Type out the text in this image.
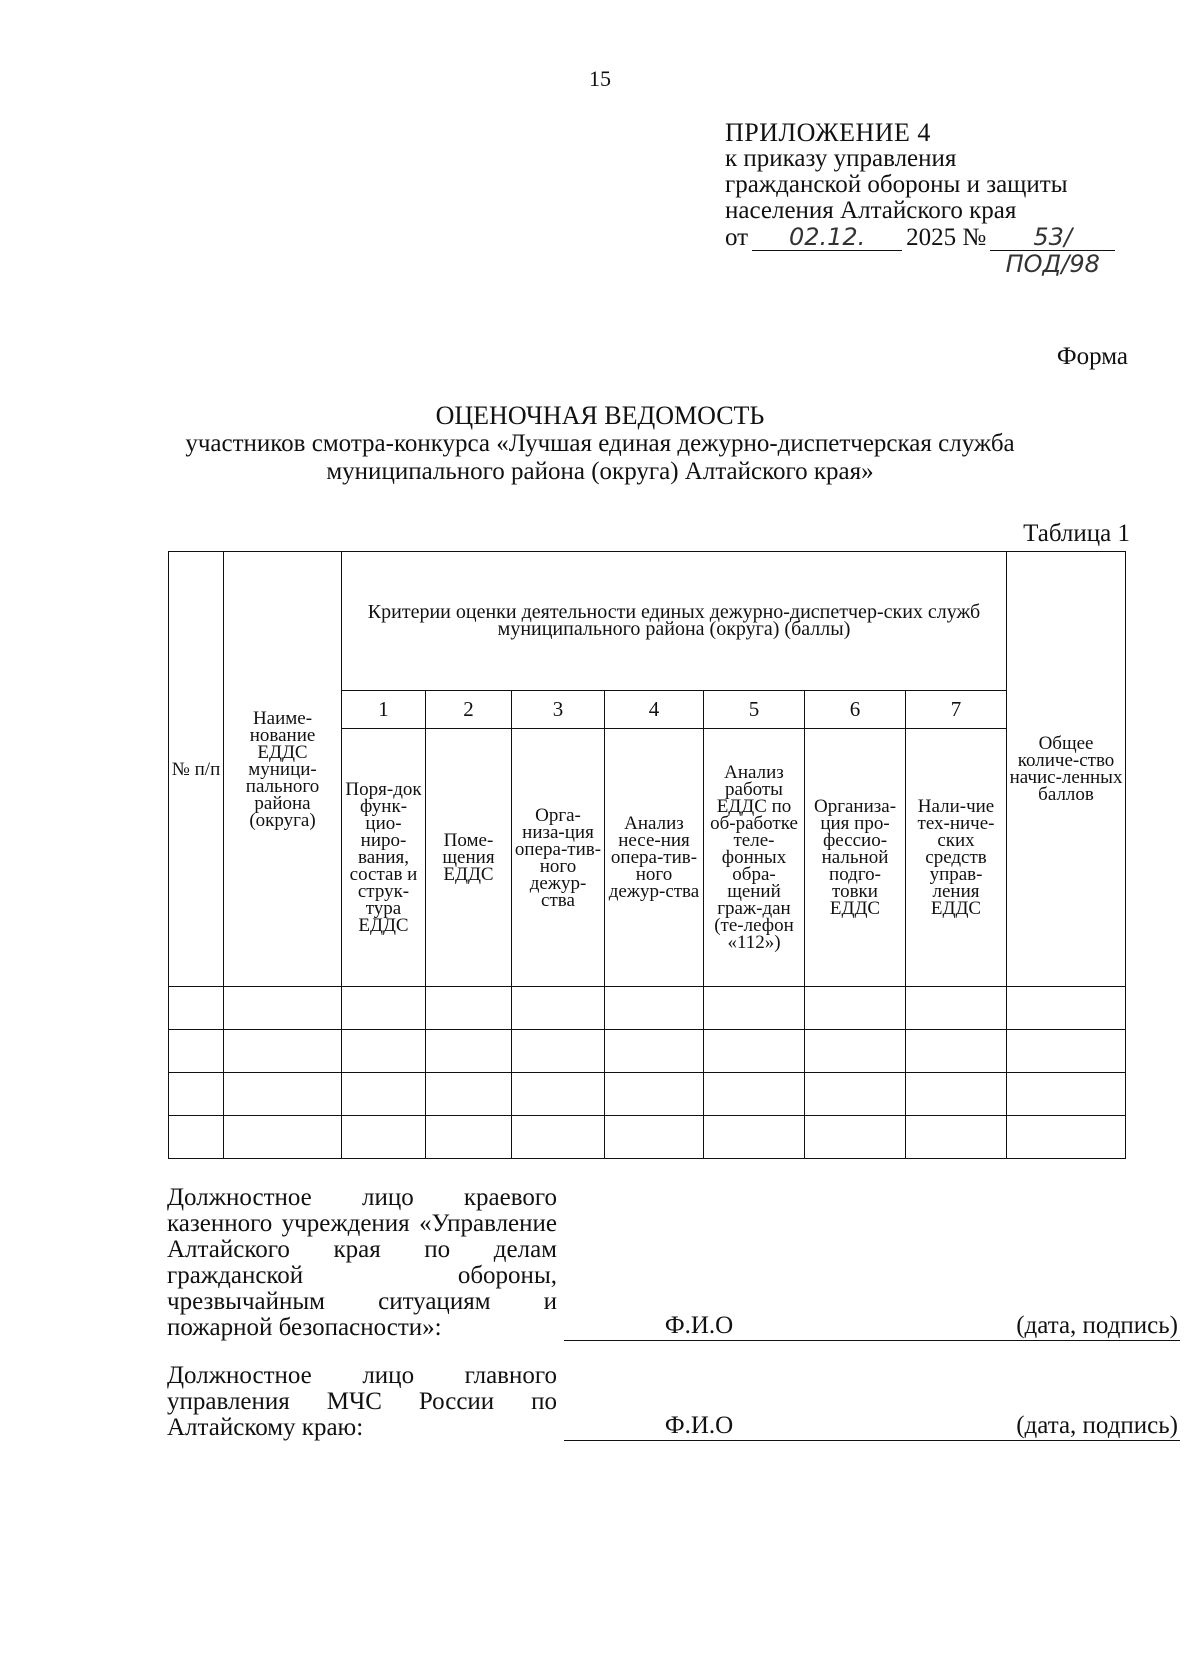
15
ПРИЛОЖЕНИЕ 4
к приказу управления
гражданской обороны и защиты
населения Алтайского края
от	02.12.	2025 №	53/ПОД/98
Форма
ОЦЕНОЧНАЯ ВЕДОМОСТЬ
участников смотра-конкурса «Лучшая единая дежурно-диспетчерская служба
муниципального района (округа) Алтайского края»
Таблица 1
№ п/п	Наиме-нование ЕДДС муници-пального района (округа)	Критерии оценки деятельности единых дежурно-диспетчер-ских служб муниципального района (округа) (баллы)							Общее количе-ство начис-ленных баллов
		1	2	3	4	5	6	7	
		Поря-док функ-цио-ниро-вания, состав и струк-тура ЕДДС	Поме-щения ЕДДС	Орга-низа-ция опера-тив-ного дежур-ства	Анализ несе-ния опера-тив-ного дежур-ства	Анализ работы ЕДДС по об-работке теле-фонных обра-щений граж-дан (те-лефон «112»)	Организа-ция про-фессио-нальной подго-товки ЕДДС	Нали-чие тех-ниче-ских средств управ-ления ЕДДС	

Должностное лицо краевого казенного учреждения «Управление Алтайского края по делам гражданской обороны, чрезвычайным ситуациям и пожарной безопасности»:	Ф.И.О	(дата, подпись)
Должностное лицо главного управления МЧС России по Алтайскому краю:	Ф.И.О	(дата, подпись)
